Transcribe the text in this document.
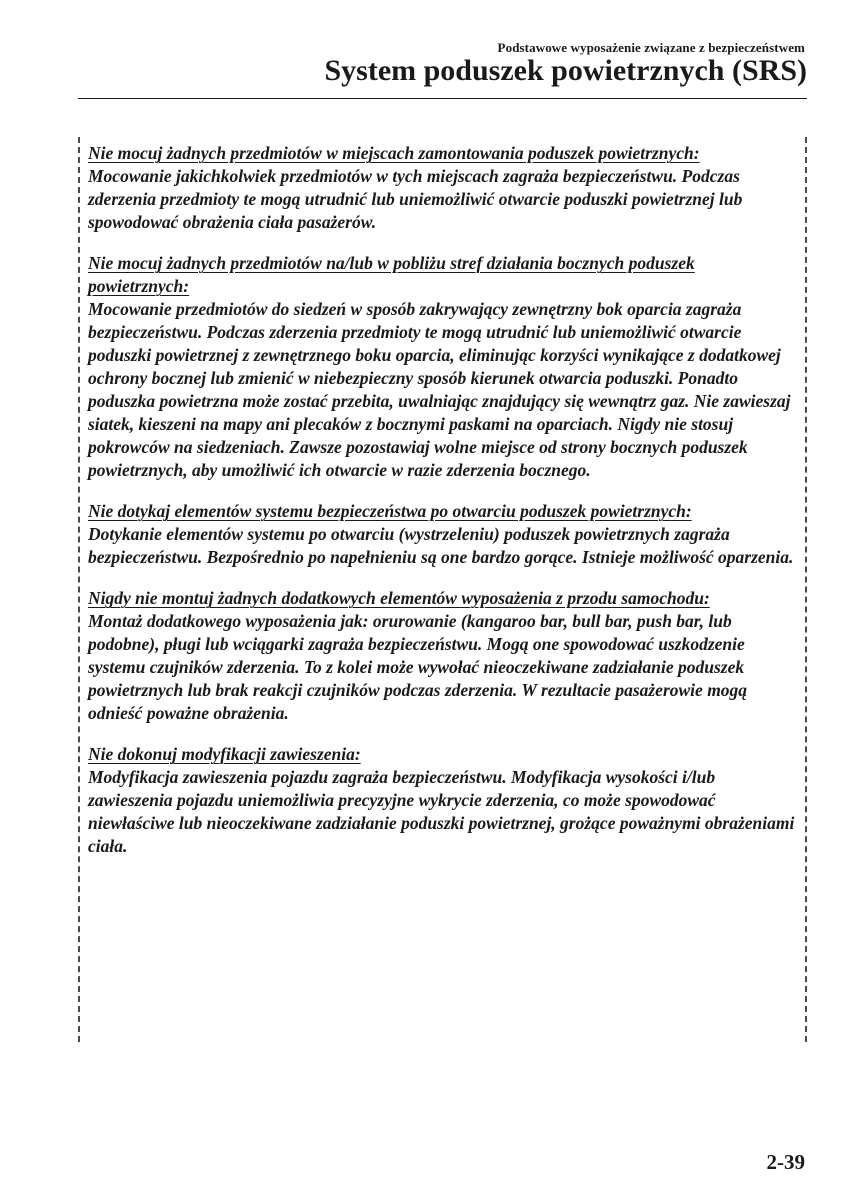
Podstawowe wyposażenie związane z bezpieczeństwem
System poduszek powietrznych (SRS)

Nie mocuj żadnych przedmiotów w miejscach zamontowania poduszek powietrznych:

Mocowanie jakichkolwiek przedmiotów w tych miejscach zagraża bezpieczeństwu. Podczas zderzenia przedmioty te mogą utrudnić lub uniemożliwić otwarcie poduszki powietrznej lub spowodować obrażenia ciała pasażerów.

Nie mocuj żadnych przedmiotów na/lub w pobliżu stref działania bocznych poduszek powietrznych:

Mocowanie przedmiotów do siedzeń w sposób zakrywający zewnętrzny bok oparcia zagraża bezpieczeństwu. Podczas zderzenia przedmioty te mogą utrudnić lub uniemożliwić otwarcie poduszki powietrznej z zewnętrznego boku oparcia, eliminując korzyści wynikające z dodatkowej ochrony bocznej lub zmienić w niebezpieczny sposób kierunek otwarcia poduszki. Ponadto poduszka powietrzna może zostać przebita, uwalniając znajdujący się wewnątrz gaz. Nie zawieszaj siatek, kieszeni na mapy ani plecaków z bocznymi paskami na oparciach. Nigdy nie stosuj pokrowców na siedzeniach. Zawsze pozostawiaj wolne miejsce od strony bocznych poduszek powietrznych, aby umożliwić ich otwarcie w razie zderzenia bocznego.

Nie dotykaj elementów systemu bezpieczeństwa po otwarciu poduszek powietrznych:

Dotykanie elementów systemu po otwarciu (wystrzeleniu) poduszek powietrznych zagraża bezpieczeństwu. Bezpośrednio po napełnieniu są one bardzo gorące. Istnieje możliwość oparzenia.

Nigdy nie montuj żadnych dodatkowych elementów wyposażenia z przodu samochodu:

Montaż dodatkowego wyposażenia jak: orurowanie (kangaroo bar, bull bar, push bar, lub podobne), pługi lub wciągarki zagraża bezpieczeństwu. Mogą one spowodować uszkodzenie systemu czujników zderzenia. To z kolei może wywołać nieoczekiwane zadziałanie poduszek powietrznych lub brak reakcji czujników podczas zderzenia. W rezultacie pasażerowie mogą odnieść poważne obrażenia.

Nie dokonuj modyfikacji zawieszenia:

Modyfikacja zawieszenia pojazdu zagraża bezpieczeństwu. Modyfikacja wysokości i/lub zawieszenia pojazdu uniemożliwia precyzyjne wykrycie zderzenia, co może spowodować niewłaściwe lub nieoczekiwane zadziałanie poduszki powietrznej, grożące poważnymi obrażeniami ciała.

2-39
